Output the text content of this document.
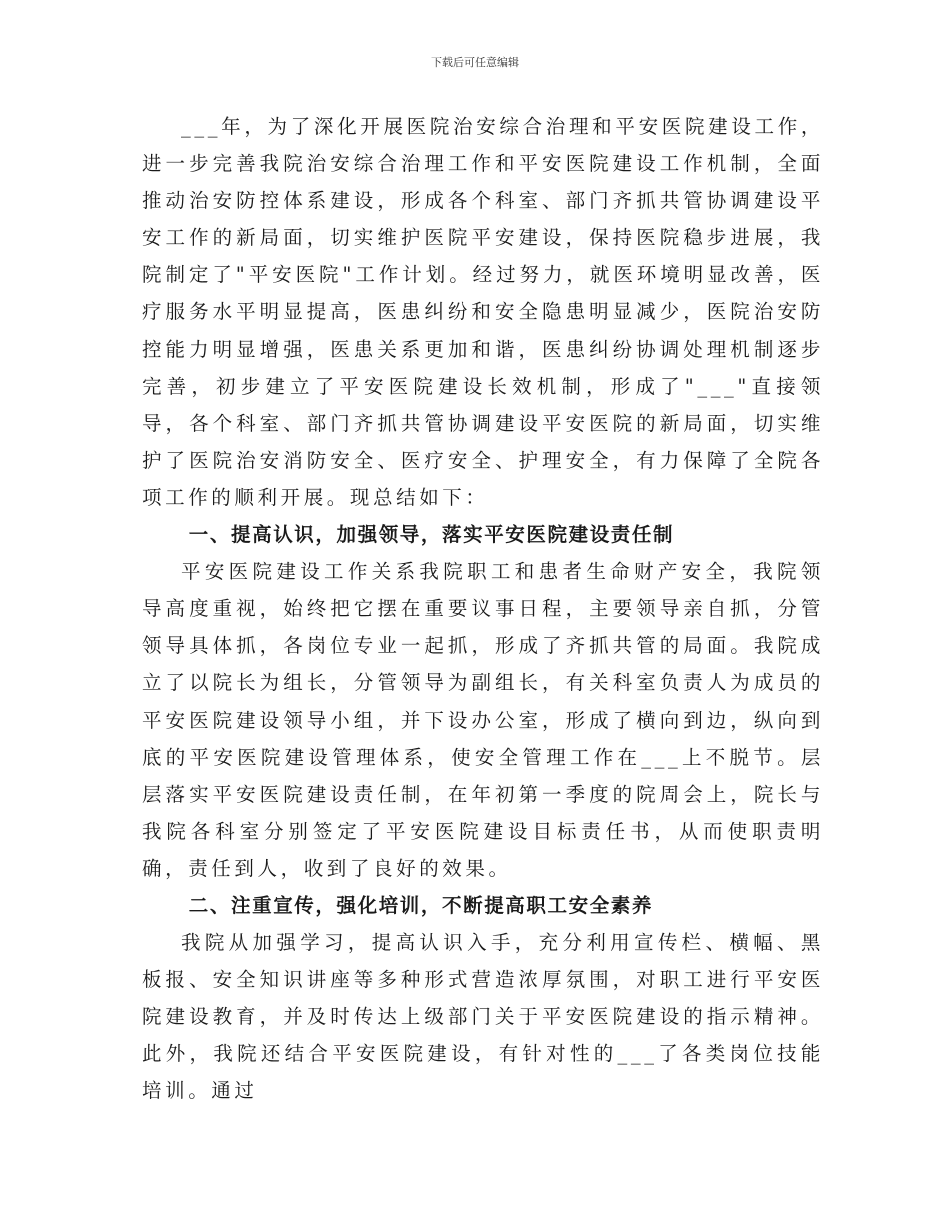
下载后可任意编辑

___年，为了深化开展医院治安综合治理和平安医院建设工作，进一步完善我院治安综合治理工作和平安医院建设工作机制，全面推动治安防控体系建设，形成各个科室、部门齐抓共管协调建设平安工作的新局面，切实维护医院平安建设，保持医院稳步进展，我院制定了"平安医院"工作计划。经过努力，就医环境明显改善，医疗服务水平明显提高，医患纠纷和安全隐患明显减少，医院治安防控能力明显增强，医患关系更加和谐，医患纠纷协调处理机制逐步完善，初步建立了平安医院建设长效机制，形成了"___"直接领导，各个科室、部门齐抓共管协调建设平安医院的新局面，切实维护了医院治安消防安全、医疗安全、护理安全，有力保障了全院各项工作的顺利开展。现总结如下：

一、提高认识，加强领导，落实平安医院建设责任制

平安医院建设工作关系我院职工和患者生命财产安全，我院领导高度重视，始终把它摆在重要议事日程，主要领导亲自抓，分管领导具体抓，各岗位专业一起抓，形成了齐抓共管的局面。我院成立了以院长为组长，分管领导为副组长，有关科室负责人为成员的平安医院建设领导小组，并下设办公室，形成了横向到边，纵向到底的平安医院建设管理体系，使安全管理工作在___上不脱节。层层落实平安医院建设责任制，在年初第一季度的院周会上，院长与我院各科室分别签定了平安医院建设目标责任书，从而使职责明确，责任到人，收到了良好的效果。

二、注重宣传，强化培训，不断提高职工安全素养

我院从加强学习，提高认识入手，充分利用宣传栏、横幅、黑板报、安全知识讲座等多种形式营造浓厚氛围，对职工进行平安医院建设教育，并及时传达上级部门关于平安医院建设的指示精神。此外，我院还结合平安医院建设，有针对性的___了各类岗位技能培训。通过
